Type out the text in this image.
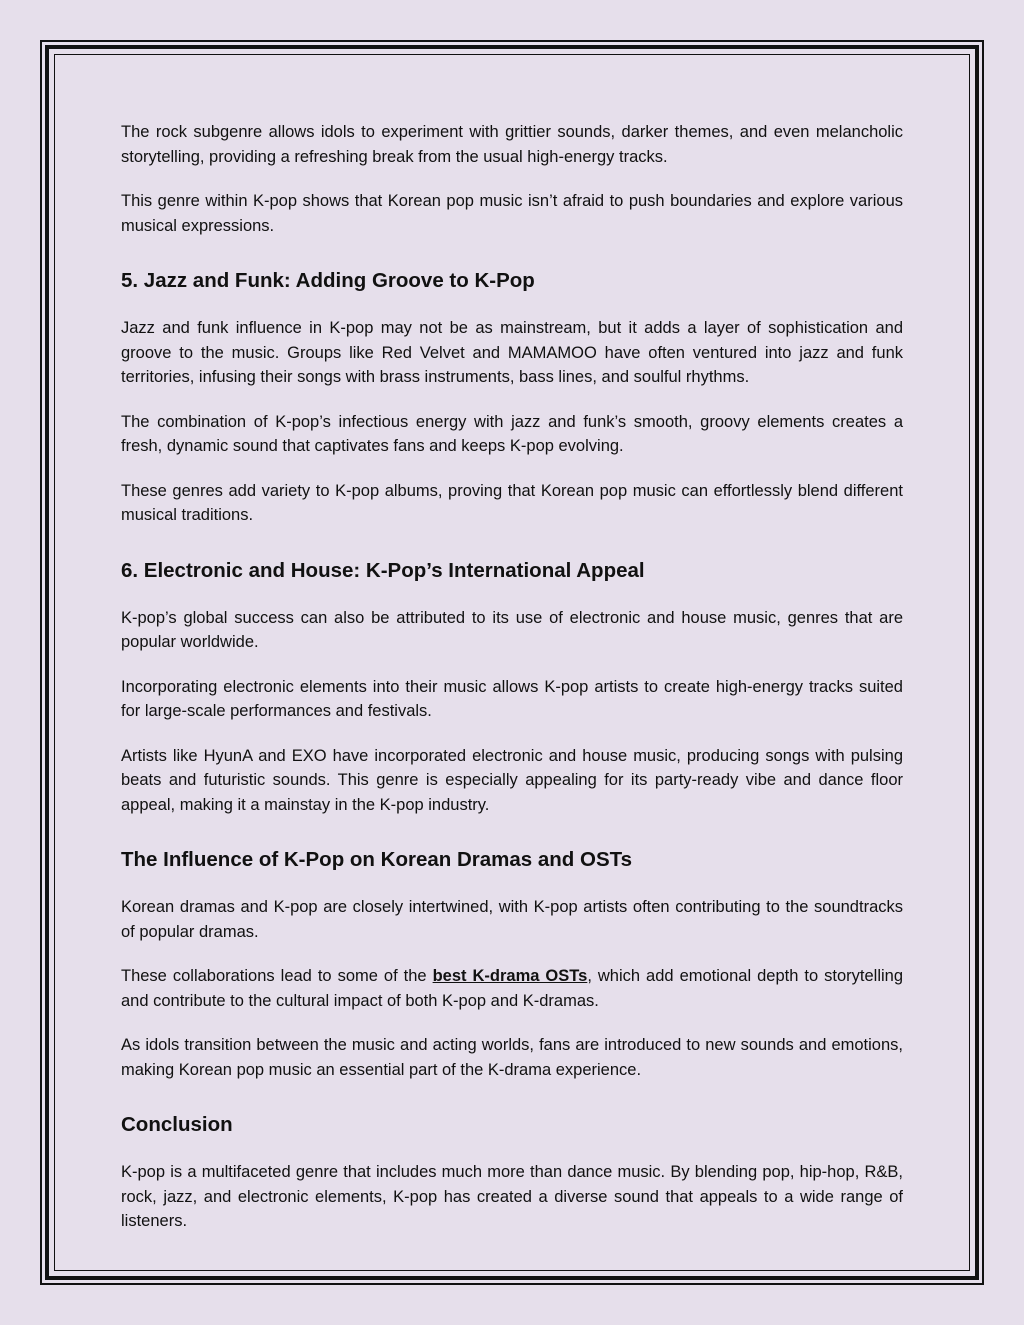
The rock subgenre allows idols to experiment with grittier sounds, darker themes, and even melancholic storytelling, providing a refreshing break from the usual high-energy tracks.

This genre within K-pop shows that Korean pop music isn’t afraid to push boundaries and explore various musical expressions.

5. Jazz and Funk: Adding Groove to K-Pop

Jazz and funk influence in K-pop may not be as mainstream, but it adds a layer of sophistication and groove to the music. Groups like Red Velvet and MAMAMOO have often ventured into jazz and funk territories, infusing their songs with brass instruments, bass lines, and soulful rhythms.

The combination of K-pop’s infectious energy with jazz and funk’s smooth, groovy elements creates a fresh, dynamic sound that captivates fans and keeps K-pop evolving.

These genres add variety to K-pop albums, proving that Korean pop music can effortlessly blend different musical traditions.

6. Electronic and House: K-Pop’s International Appeal

K-pop’s global success can also be attributed to its use of electronic and house music, genres that are popular worldwide.

Incorporating electronic elements into their music allows K-pop artists to create high-energy tracks suited for large-scale performances and festivals.

Artists like HyunA and EXO have incorporated electronic and house music, producing songs with pulsing beats and futuristic sounds. This genre is especially appealing for its party-ready vibe and dance floor appeal, making it a mainstay in the K-pop industry.

The Influence of K-Pop on Korean Dramas and OSTs

Korean dramas and K-pop are closely intertwined, with K-pop artists often contributing to the soundtracks of popular dramas.

These collaborations lead to some of the best K-drama OSTs, which add emotional depth to storytelling and contribute to the cultural impact of both K-pop and K-dramas.

As idols transition between the music and acting worlds, fans are introduced to new sounds and emotions, making Korean pop music an essential part of the K-drama experience.

Conclusion

K-pop is a multifaceted genre that includes much more than dance music. By blending pop, hip-hop, R&B, rock, jazz, and electronic elements, K-pop has created a diverse sound that appeals to a wide range of listeners.
